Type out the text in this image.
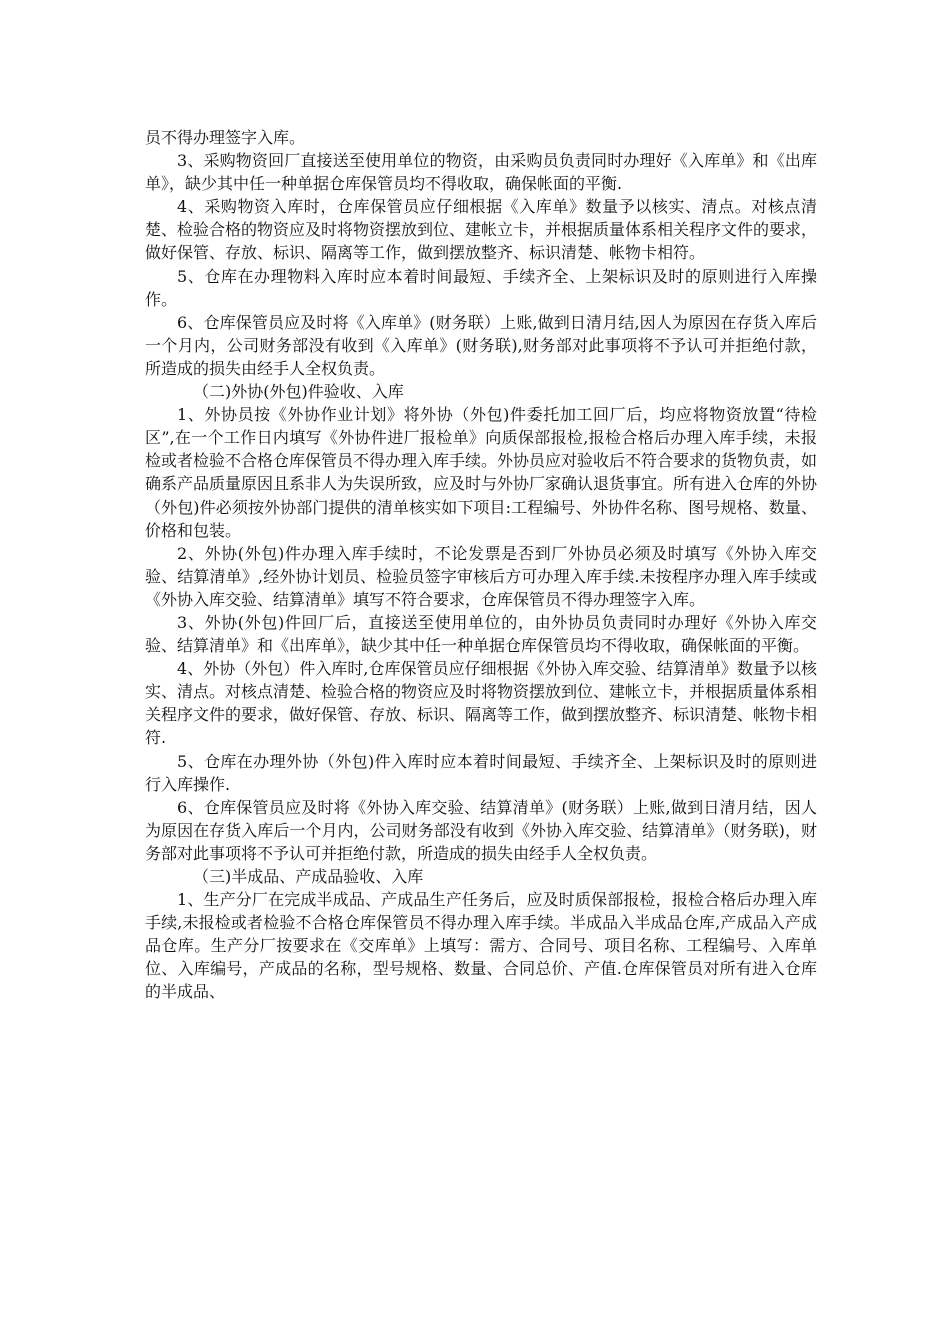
员不得办理签字入库。

3、采购物资回厂直接送至使用单位的物资，由采购员负责同时办理好《入库单》和《出库单》，缺少其中任一种单据仓库保管员均不得收取，确保帐面的平衡.

4、采购物资入库时，仓库保管员应仔细根据《入库单》数量予以核实、清点。对核点清楚、检验合格的物资应及时将物资摆放到位、建帐立卡，并根据质量体系相关程序文件的要求，做好保管、存放、标识、隔离等工作，做到摆放整齐、标识清楚、帐物卡相符。

5、仓库在办理物料入库时应本着时间最短、手续齐全、上架标识及时的原则进行入库操作。

6、仓库保管员应及时将《入库单》(财务联）上账,做到日清月结,因人为原因在存货入库后一个月内，公司财务部没有收到《入库单》(财务联),财务部对此事项将不予认可并拒绝付款，所造成的损失由经手人全权负责。

（二)外协(外包)件验收、入库

1、外协员按《外协作业计划》将外协（外包)件委托加工回厂后，均应将物资放置“待检区”,在一个工作日内填写《外协件进厂报检单》向质保部报检,报检合格后办理入库手续，未报检或者检验不合格仓库保管员不得办理入库手续。外协员应对验收后不符合要求的货物负责，如确系产品质量原因且系非人为失误所致，应及时与外协厂家确认退货事宜。所有进入仓库的外协（外包)件必须按外协部门提供的清单核实如下项目:工程编号、外协件名称、图号规格、数量、价格和包装。

2、外协(外包)件办理入库手续时，不论发票是否到厂外协员必须及时填写《外协入库交验、结算清单》,经外协计划员、检验员签字审核后方可办理入库手续.未按程序办理入库手续或《外协入库交验、结算清单》填写不符合要求，仓库保管员不得办理签字入库。

3、外协(外包)件回厂后，直接送至使用单位的，由外协员负责同时办理好《外协入库交验、结算清单》和《出库单》，缺少其中任一种单据仓库保管员均不得收取，确保帐面的平衡。

4、外协（外包）件入库时,仓库保管员应仔细根据《外协入库交验、结算清单》数量予以核实、清点。对核点清楚、检验合格的物资应及时将物资摆放到位、建帐立卡，并根据质量体系相关程序文件的要求，做好保管、存放、标识、隔离等工作，做到摆放整齐、标识清楚、帐物卡相符.

5、仓库在办理外协（外包)件入库时应本着时间最短、手续齐全、上架标识及时的原则进行入库操作.

6、仓库保管员应及时将《外协入库交验、结算清单》(财务联）上账,做到日清月结，因人为原因在存货入库后一个月内，公司财务部没有收到《外协入库交验、结算清单》（财务联)，财务部对此事项将不予认可并拒绝付款，所造成的损失由经手人全权负责。

（三)半成品、产成品验收、入库

1、生产分厂在完成半成品、产成品生产任务后，应及时质保部报检，报检合格后办理入库手续,未报检或者检验不合格仓库保管员不得办理入库手续。半成品入半成品仓库,产成品入产成品仓库。生产分厂按要求在《交库单》上填写：需方、合同号、项目名称、工程编号、入库单位、入库编号，产成品的名称，型号规格、数量、合同总价、产值.仓库保管员对所有进入仓库的半成品、
